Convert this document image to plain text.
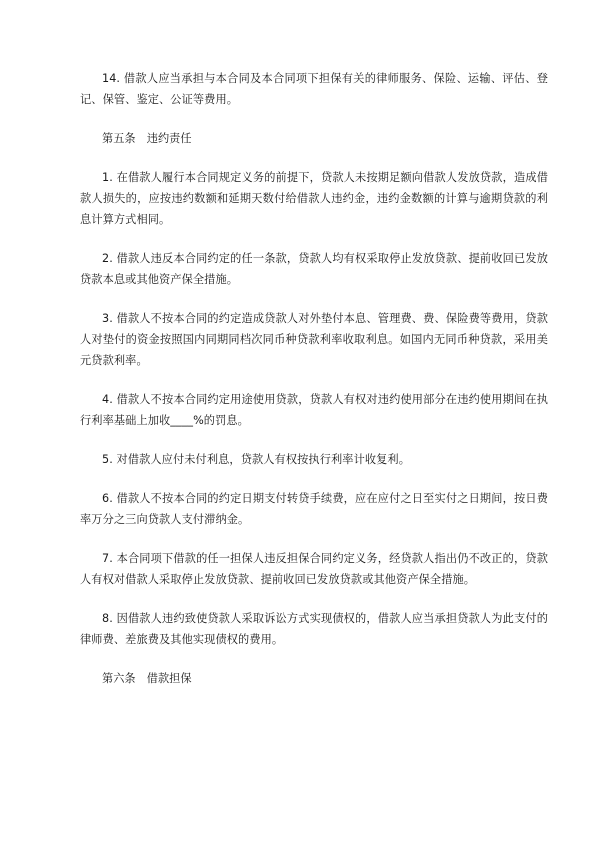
14. 借款人应当承担与本合同及本合同项下担保有关的律师服务、保险、运输、评估、登记、保管、鉴定、公证等费用。

第五条　违约责任

1. 在借款人履行本合同规定义务的前提下，贷款人未按期足额向借款人发放贷款，造成借款人损失的，应按违约数额和延期天数付给借款人违约金，违约金数额的计算与逾期贷款的利息计算方式相同。

2. 借款人违反本合同约定的任一条款，贷款人均有权采取停止发放贷款、提前收回已发放贷款本息或其他资产保全措施。

3. 借款人不按本合同的约定造成贷款人对外垫付本息、管理费、费、保险费等费用，贷款人对垫付的资金按照国内同期同档次同币种贷款利率收取利息。如国内无同币种贷款，采用美元贷款利率。

4. 借款人不按本合同约定用途使用贷款，贷款人有权对违约使用部分在违约使用期间在执行利率基础上加收____%的罚息。

5. 对借款人应付未付利息，贷款人有权按执行利率计收复利。

6. 借款人不按本合同的约定日期支付转贷手续费，应在应付之日至实付之日期间，按日费率万分之三向贷款人支付滞纳金。

7. 本合同项下借款的任一担保人违反担保合同约定义务，经贷款人指出仍不改正的，贷款人有权对借款人采取停止发放贷款、提前收回已发放贷款或其他资产保全措施。

8. 因借款人违约致使贷款人采取诉讼方式实现债权的，借款人应当承担贷款人为此支付的律师费、差旅费及其他实现债权的费用。

第六条　借款担保
